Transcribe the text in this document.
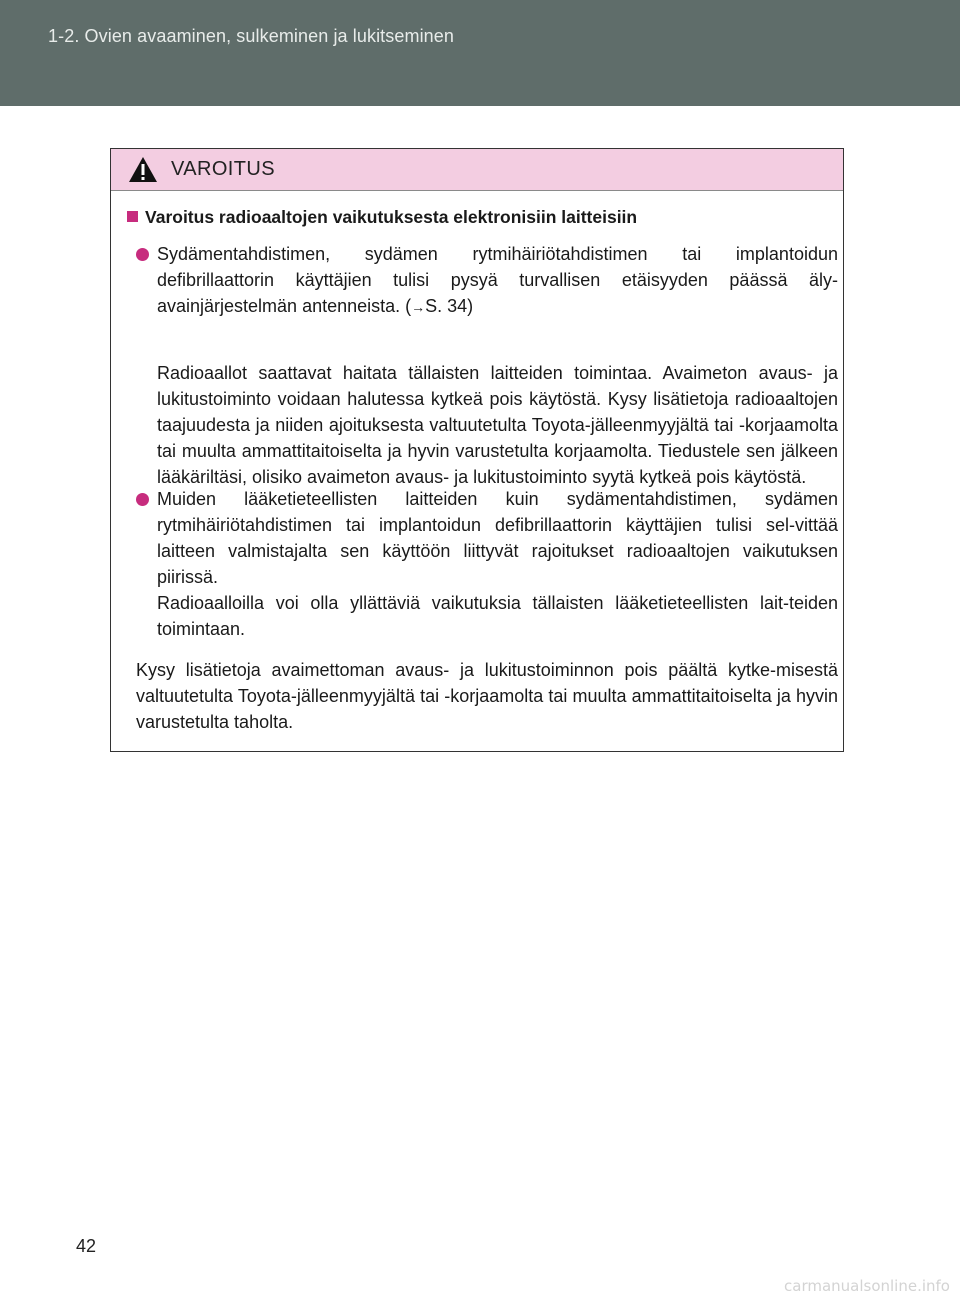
1-2. Ovien avaaminen, sulkeminen ja lukitseminen
VAROITUS
Varoitus radioaaltojen vaikutuksesta elektronisiin laitteisiin

Sydämentahdistimen, sydämen rytmihäiriötahdistimen tai implantoidun defibrillaattorin käyttäjien tulisi pysyä turvallisen etäisyyden päässä äly-avainjärjestelmän antenneista. (→S. 34)

Radioaallot saattavat haitata tällaisten laitteiden toimintaa. Avaimeton avaus- ja lukitustoiminto voidaan halutessa kytkeä pois käytöstä. Kysy lisätietoja radioaaltojen taajuudesta ja niiden ajoituksesta valtuutetulta Toyota-jälleenmyyjältä tai -korjaamolta tai muulta ammattitaitoiselta ja hyvin varustetulta korjaamolta. Tiedustele sen jälkeen lääkäriltäsi, olisiko avaimeton avaus- ja lukitustoiminto syytä kytkeä pois käytöstä.

Muiden lääketieteellisten laitteiden kuin sydämentahdistimen, sydämen rytmihäiriötahdistimen tai implantoidun defibrillaattorin käyttäjien tulisi sel-vittää laitteen valmistajalta sen käyttöön liittyvät rajoitukset radioaaltojen vaikutuksen piirissä.

Radioaalloilla voi olla yllättäviä vaikutuksia tällaisten lääketieteellisten lait-teiden toimintaan.

Kysy lisätietoja avaimettoman avaus- ja lukitustoiminnon pois päältä kytke-misestä valtuutetulta Toyota-jälleenmyyjältä tai -korjaamolta tai muulta ammattitaitoiselta ja hyvin varustetulta taholta.

42
carmanualsonline.info
